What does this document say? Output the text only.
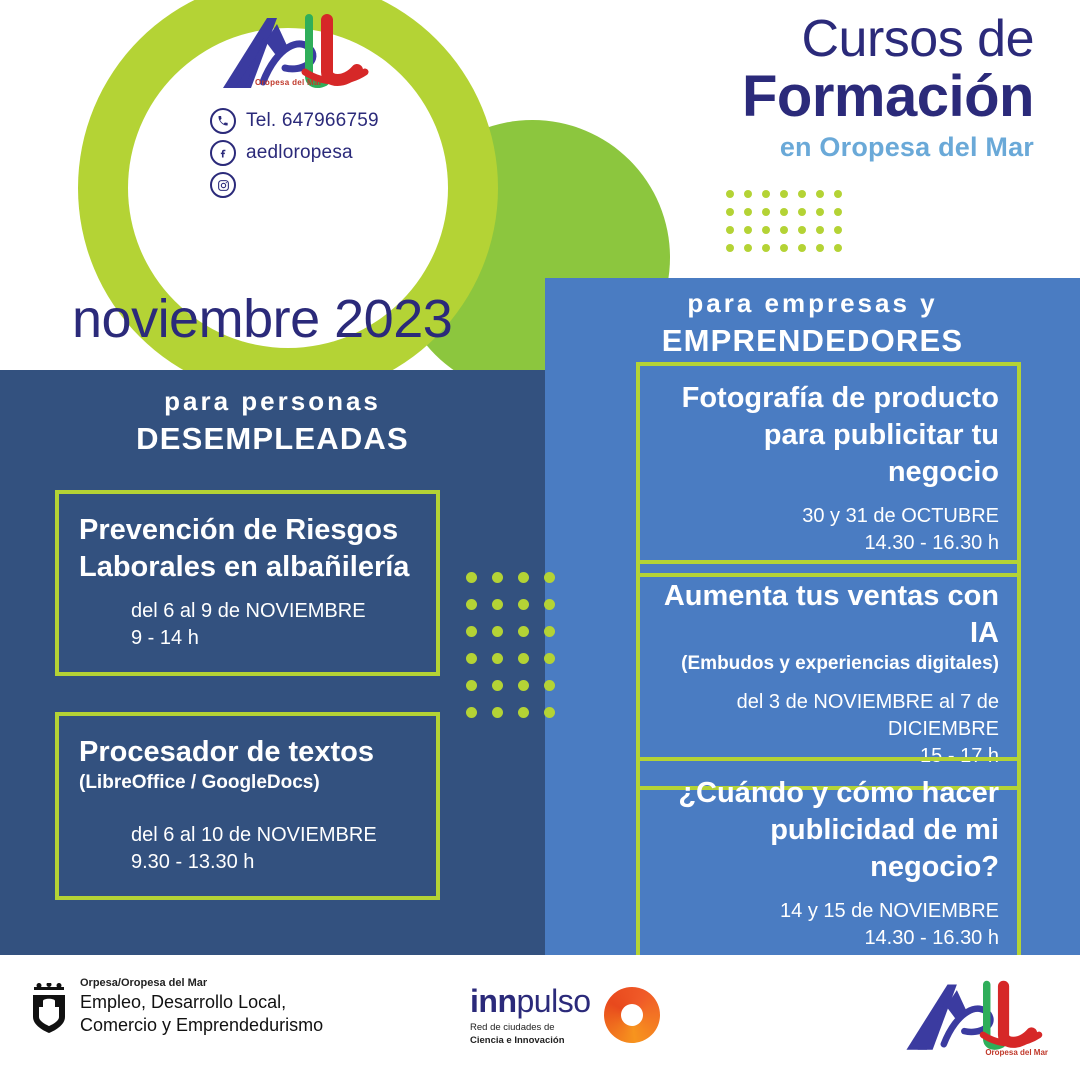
Oropesa del Mar
Tel. 647966759
aedloropesa
Cursos de
Formación
en Oropesa del Mar
noviembre 2023
para personas
DESEMPLEADAS
Prevención de Riesgos Laborales en albañilería
del 6 al 9 de NOVIEMBRE
9 - 14 h
Procesador de textos
(LibreOffice / GoogleDocs)
del 6 al 10 de NOVIEMBRE
9.30 - 13.30 h
para empresas y
EMPRENDEDORES
Fotografía de producto para publicitar tu negocio
30 y 31 de OCTUBRE
14.30 - 16.30 h
Aumenta tus ventas con IA
(Embudos y experiencias digitales)
del 3 de NOVIEMBRE al 7 de DICIEMBRE
15 - 17 h
¿Cuándo y cómo hacer publicidad de mi negocio?
14 y 15 de NOVIEMBRE
14.30 - 16.30 h
Orpesa/Oropesa del Mar
Empleo, Desarrollo Local,
Comercio y Emprendedurismo
innpulso
Red de ciudades de
Ciencia e Innovación
Oropesa del Mar
